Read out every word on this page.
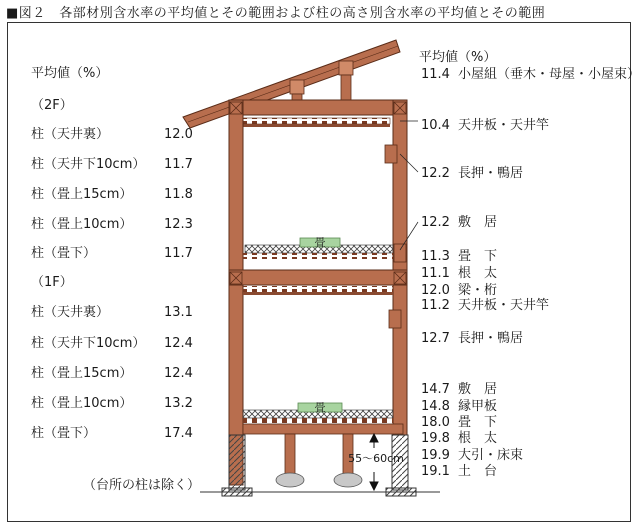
■図２　各部材別含水率の平均値とその範囲および柱の高さ別含水率の平均値とその範囲
平均値（%）
（2F）
柱（天井裏）	12.0
柱（天井下10cm） 11.7
柱（畳上15cm） 11.8
柱（畳上10cm） 12.3
柱（畳下）	11.7
（1F）
柱（天井裏）	13.1
柱（天井下10cm） 12.4
柱（畳上15cm） 12.4
柱（畳上10cm） 13.2
柱（畳下）	17.4
（台所の柱は除く）
畳
畳
55～60cm
平均値（%）
11.4 小屋組（垂木・母屋・小屋束）
10.4 天井板・天井竿
12.2 長押・鴨居
12.2 敷　居
11.3 畳　下
11.1 根　太
12.0 梁・桁
11.2 天井板・天井竿
12.7 長押・鴨居
14.7 敷　居
14.8 縁甲板
18.0 畳　下
19.8 根　太
19.9 大引・床束
19.1 土　台
